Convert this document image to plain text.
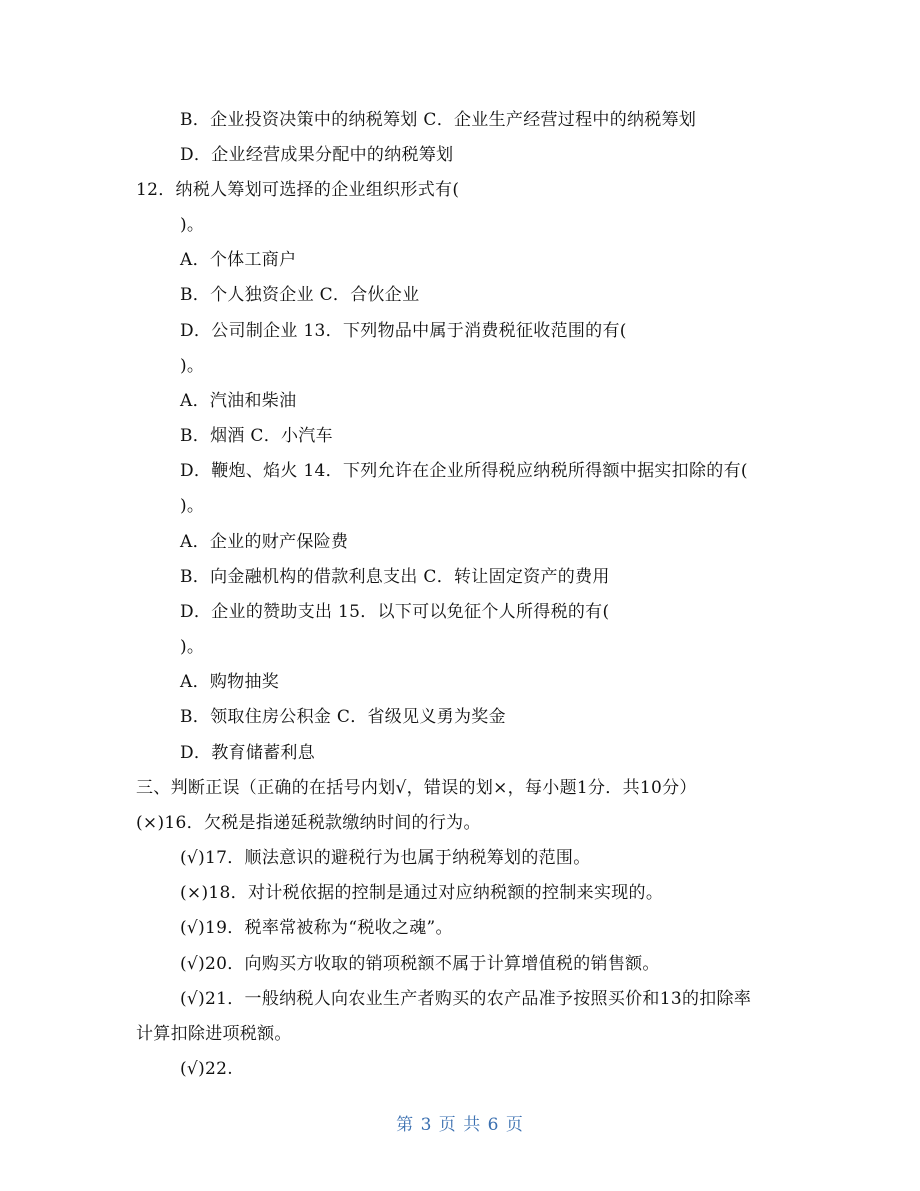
B．企业投资决策中的纳税筹划 C．企业生产经营过程中的纳税筹划
D．企业经营成果分配中的纳税筹划
12．纳税人筹划可选择的企业组织形式有(
)。
A．个体工商户
B．个人独资企业 C．合伙企业
D．公司制企业 13．下列物品中属于消费税征收范围的有(
)。
A．汽油和柴油
B．烟酒 C．小汽车
D．鞭炮、焰火 14．下列允许在企业所得税应纳税所得额中据实扣除的有(
)。
A．企业的财产保险费
B．向金融机构的借款利息支出 C．转让固定资产的费用
D．企业的赞助支出 15．以下可以免征个人所得税的有(
)。
A．购物抽奖
B．领取住房公积金 C．省级见义勇为奖金
D．教育储蓄利息
三、判断正误（正确的在括号内划√，错误的划×，每小题1分．共10分）
(×)16．欠税是指递延税款缴纳时间的行为。
(√)17．顺法意识的避税行为也属于纳税筹划的范围。
(×)18．对计税依据的控制是通过对应纳税额的控制来实现的。
(√)19．税率常被称为“税收之魂”。
(√)20．向购买方收取的销项税额不属于计算增值税的销售额。
(√)21．一般纳税人向农业生产者购买的农产品准予按照买价和13的扣除率
计算扣除进项税额。
(√)22.
第 3 页 共 6 页
